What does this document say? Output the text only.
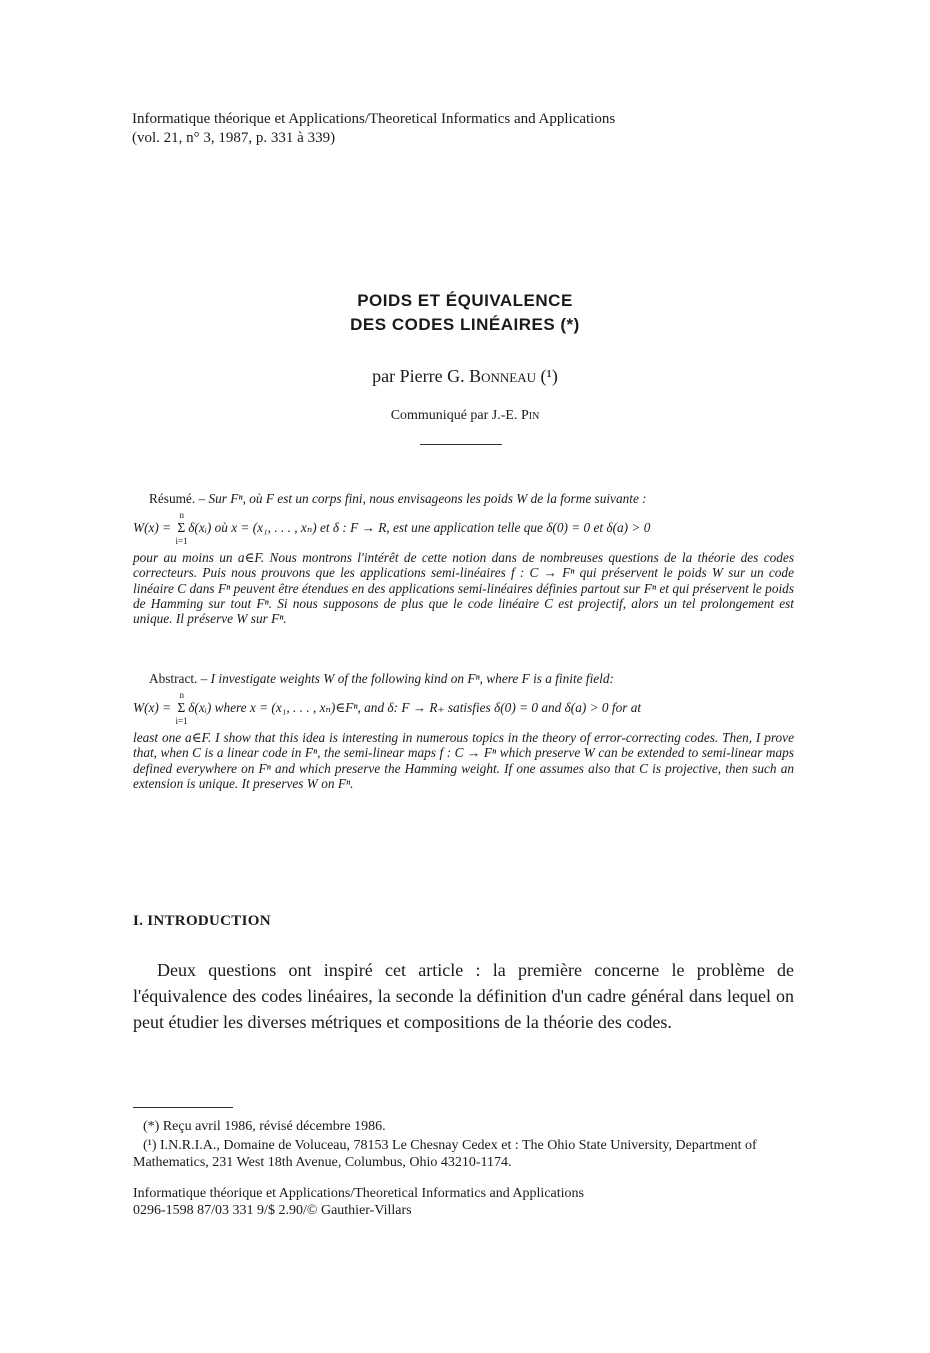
Informatique théorique et Applications/Theoretical Informatics and Applications
(vol. 21, n° 3, 1987, p. 331 à 339)
POIDS ET ÉQUIVALENCE
DES CODES LINÉAIRES (*)
par Pierre G. Bonneau (¹)
Communiqué par J.-E. Pin
Résumé. – Sur Fⁿ, où F est un corps fini, nous envisageons les poids W de la forme suivante :
W(x) =
n
Σ
i=1
δ(xᵢ) où x = (x₁, . . . , xₙ) et δ : F → R, est une application telle que δ(0) = 0 et δ(a) > 0
pour au moins un a∈F. Nous montrons l'intérêt de cette notion dans de nombreuses questions de la théorie des codes correcteurs. Puis nous prouvons que les applications semi-linéaires f : C → Fⁿ qui préservent le poids W sur un code linéaire C dans Fⁿ peuvent être étendues en des applications semi-linéaires définies partout sur Fⁿ et qui préservent le poids de Hamming sur tout Fⁿ. Si nous supposons de plus que le code linéaire C est projectif, alors un tel prolongement est unique. Il préserve W sur Fⁿ.
Abstract. – I investigate weights W of the following kind on Fⁿ, where F is a finite field:
W(x) =
n
Σ
i=1
δ(xᵢ) where x = (x₁, . . . , xₙ)∈Fⁿ, and δ: F → R₊ satisfies δ(0) = 0 and δ(a) > 0 for at
least one a∈F. I show that this idea is interesting in numerous topics in the theory of error-correcting codes. Then, I prove that, when C is a linear code in Fⁿ, the semi-linear maps f : C → Fⁿ which preserve W can be extended to semi-linear maps defined everywhere on Fⁿ and which preserve the Hamming weight. If one assumes also that C is projective, then such an extension is unique. It preserves W on Fⁿ.
I. INTRODUCTION
Deux questions ont inspiré cet article : la première concerne le problème de l'équivalence des codes linéaires, la seconde la définition d'un cadre général dans lequel on peut étudier les diverses métriques et compositions de la théorie des codes.
(*) Reçu avril 1986, révisé décembre 1986.
(¹) I.N.R.I.A., Domaine de Voluceau, 78153 Le Chesnay Cedex et : The Ohio State University, Department of Mathematics, 231 West 18th Avenue, Columbus, Ohio 43210-1174.
Informatique théorique et Applications/Theoretical Informatics and Applications
0296-1598 87/03 331 9/$ 2.90/© Gauthier-Villars
